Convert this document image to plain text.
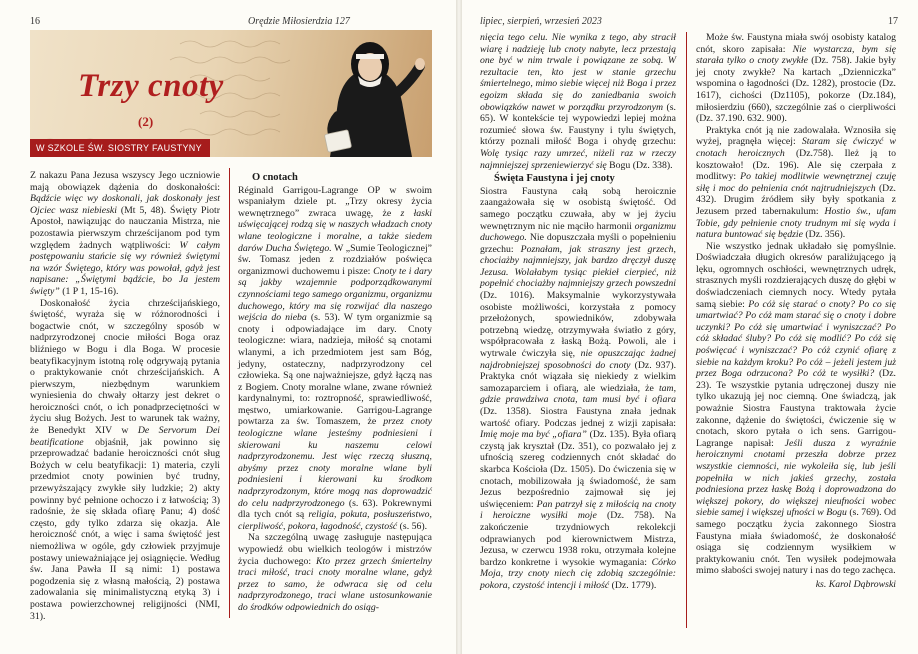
16	Orędzie Miłosierdzia 127
Trzy cnoty
(2)
W SZKOLE ŚW. SIOSTRY FAUSTYNY

Z nakazu Pana Jezusa wszyscy Jego uczniowie mają obowiązek dążenia do doskonałości: Bądźcie więc wy doskonali, jak doskonały jest Ojciec wasz niebieski (Mt 5, 48). Święty Piotr Apostoł, nawiązując do nauczania Mistrza, nie pozostawia pierwszym chrześcijanom pod tym względem żadnych wątpliwości: W całym postępowaniu stańcie się wy również świętymi na wzór Świętego, który was powołał, gdyż jest napisane: „Świętymi bądźcie, bo Ja jestem święty” (1 P 1, 15-16).

Doskonałość życia chrześcijańskiego, świętość, wyraża się w różnorodności i bogactwie cnót, w szczególny sposób w nadprzyrodzonej cnocie miłości Boga oraz bliźniego w Bogu i dla Boga. W procesie beatyfikacyjnym istotną rolę odgrywają pytania o praktykowanie cnót chrześcijańskich. A pierwszym, niezbędnym warunkiem wyniesienia do chwały ołtarzy jest dekret o heroiczności cnót, o ich ponadprzeciętności w życiu sług Bożych. Jest to warunek tak ważny, że Benedykt XIV w De Servorum Dei beatificatione objaśnił, jak powinno się przeprowadzać badanie heroiczności cnót sług Bożych w celu beatyfikacji: 1) materia, czyli przedmiot cnoty powinien być trudny, przewyższający zwykłe siły ludzkie; 2) akty powinny być pełnione ochoczo i z łatwością; 3) radośnie, że się składa ofiarę Panu; 4) dość często, gdy tylko zdarza się okazja. Ale heroiczność cnót, a więc i sama świętość jest niemożliwa w ogóle, gdy człowiek przyjmuje postawy unieważniające jej osiągnięcie. Według św. Jana Pawła II są nimi: 1) postawa pogodzenia się z własną małością, 2) postawa zadowalania się minimalistyczną etyką 3) i postawa powierzchownej religijności (NMI, 31).

O cnotach

Réginald Garrigou-Lagrange OP w swoim wspaniałym dziele pt. „Trzy okresy życia wewnętrznego” zwraca uwagę, że z łaski uświęcającej rodzą się w naszych władzach cnoty wlane teologiczne i moralne, a także siedem darów Ducha Świętego. W „Sumie Teologicznej” św. Tomasz jeden z rozdziałów poświęca organizmowi duchowemu i pisze: Cnoty te i dary są jakby wzajemnie podporządkowanymi czynnościami tego samego organizmu, organizmu duchowego, który ma się rozwijać dla naszego wejścia do nieba (s. 53). W tym organizmie są cnoty i odpowiadające im dary. Cnoty teologiczne: wiara, nadzieja, miłość są cnotami wlanymi, a ich przedmiotem jest sam Bóg, jedyny, ostateczny, nadprzyrodzony cel człowieka. Są one najważniejsze, gdyż łączą nas z Bogiem. Cnoty moralne wlane, zwane również kardynalnymi, to: roztropność, sprawiedliwość, męstwo, umiarkowanie. Garrigou-Lagrange powtarza za św. Tomaszem, że przez cnoty teologiczne wlane jesteśmy podniesieni i skierowani ku naszemu celowi nadprzyrodzonemu. Jest więc rzeczą słuszną, abyśmy przez cnoty moralne wlane byli podniesieni i kierowani ku środkom nadprzyrodzonym, które mogą nas doprowadzić do celu nadprzyrodzonego (s. 63). Pokrewnymi dla tych cnót są religia, pokuta, posłuszeństwo, cierpliwość, pokora, łagodność, czystość (s. 56).

Na szczególną uwagę zasługuje następująca wypowiedź obu wielkich teologów i mistrzów życia duchowego: Kto przez grzech śmiertelny traci miłość, traci cnoty moralne wlane, gdyż przez to samo, że odwraca się od celu nadprzyrodzonego, traci wlane ustosunkowanie do środków odpowiednich do osiąg-

lipiec, sierpień, wrzesień 2023	17

nięcia tego celu. Nie wynika z tego, aby stracił wiarę i nadzieję lub cnoty nabyte, lecz przestają one być w nim trwale i powiązane ze sobą. W rezultacie ten, kto jest w stanie grzechu śmiertelnego, mimo siebie więcej niż Boga i przez egoizm składa się do zaniedbania swoich obowiązków nawet w porządku przyrodzonym (s. 65). W kontekście tej wypowiedzi lepiej można rozumieć słowa św. Faustyny i tylu świętych, którzy poznali miłość Boga i ohydę grzechu: Wolę tysiąc razy umrzeć, niżeli raz w rzeczy najmniejszej sprzeniewierzyć się Bogu (Dz. 338).

Święta Faustyna i jej cnoty

Siostra Faustyna całą sobą heroicznie zaangażowała się w osobistą świętość. Od samego początku czuwała, aby w jej życiu wewnętrznym nic nie mąciło harmonii organizmu duchowego. Nie dopuszczała myśli o popełnieniu grzechu: Poznałam, jak straszny jest grzech, chociażby najmniejszy, jak bardzo dręczył duszę Jezusa. Wolałabym tysiąc piekieł cierpieć, niż popełnić chociażby najmniejszy grzech powszedni (Dz. 1016). Maksymalnie wykorzystywała osobiste możliwości, korzystała z pomocy przełożonych, spowiedników, zdobywała potrzebną wiedzę, otrzymywała światło z góry, współpracowała z łaską Bożą. Powoli, ale i wytrwale ćwiczyła się, nie opuszczając żadnej najdrobniejszej sposobności do cnoty (Dz. 937). Praktyka cnót wiązała się niekiedy z wielkim samozaparciem i ofiarą, ale wiedziała, że tam, gdzie prawdziwa cnota, tam musi być i ofiara (Dz. 1358). Siostra Faustyna znała jednak wartość ofiary. Podczas jednej z wizji zapisała: Imię moje ma być „ofiara” (Dz. 135). Była ofiarą czystą jak kryształ (Dz. 351), co pozwalało jej z ufnością szereg codziennych cnót składać do skarbca Kościoła (Dz. 1505). Do ćwiczenia się w cnotach, mobilizowała ją świadomość, że sam Jezus bezpośrednio zajmował się jej uświęceniem: Pan patrzył się z miłością na cnoty i heroiczne wysiłki moje (Dz. 758). Na zakończenie trzydniowych rekolekcji odprawianych pod kierownictwem Mistrza, Jezusa, w czerwcu 1938 roku, otrzymała kolejne bardzo konkretne i wysokie wymagania: Córko Moja, trzy cnoty niech cię zdobią szczególnie: pokora, czystość intencji i miłość (Dz. 1779).

Może św. Faustyna miała swój osobisty katalog cnót, skoro zapisała: Nie wystarcza, bym się starała tylko o cnoty zwykłe (Dz. 758). Jakie były jej cnoty zwykłe? Na kartach „Dzienniczka” wspomina o łagodności (Dz. 1282), prostocie (Dz. 1617), cichości (Dz1105), pokorze (Dz.184), miłosierdziu (660), szczególnie zaś o cierpliwości (Dz. 37.190. 632. 900).

Praktyka cnót ją nie zadowalała. Wznosiła się wyżej, pragnęła więcej: Staram się ćwiczyć w cnotach heroicznych (Dz.758). Ileż ją to kosztowało! (Dz. 196). Ale się czerpała z modlitwy: Po takiej modlitwie wewnętrznej czuję siłę i moc do pełnienia cnót najtrudniejszych (Dz. 432). Drugim źródłem siły były spotkania z Jezusem przed tabernakulum: Hostio św., ufam Tobie, gdy pełnienie cnoty trudnym mi się wyda i natura buntować się będzie (Dz. 356).

Nie wszystko jednak układało się pomyślnie. Doświadczała długich okresów paraliżującego ją lęku, ogromnych oschłości, wewnętrznych udręk, strasznych myśli rozdzierających duszę do głębi w doświadczeniach ciemnych nocy. Wtedy pytała samą siebie: Po cóż się starać o cnoty? Po co się umartwiać? Po cóż mam starać się o cnoty i dobre uczynki? Po cóż się umartwiać i wyniszczać? Po cóż składać śluby? Po cóż się modlić? Po cóż się poświęcać i wyniszczać? Po cóż czynić ofiarę z siebie na każdym kroku? Po cóż – jeżeli jestem już przez Boga odrzucona? Po cóż te wysiłki? (Dz. 23). Te wszystkie pytania udręczonej duszy nie tylko ukazują jej noc ciemną. One świadczą, jak poważnie Siostra Faustyna traktowała życie zakonne, dążenie do świętości, ćwiczenie się w cnotach, skoro pytała o ich sens. Garrigou-Lagrange napisał: Jeśli dusza z wyraźnie heroicznymi cnotami przeszła dobrze przez wszystkie ciemności, nie wykoleiła się, lub jeśli popełniła w nich jakieś grzechy, została podniesiona przez łaskę Bożą i doprowadzona do większej pokory, do większej nieufności wobec siebie samej i większej ufności w Bogu (s. 769). Od samego początku życia zakonnego Siostra Faustyna miała świadomość, że doskonałość osiąga się codziennym wysiłkiem w praktykowaniu cnót. Ten wysiłek podejmowała mimo słabości swojej natury i nas do tego zachęca.

ks. Karol Dąbrowski
